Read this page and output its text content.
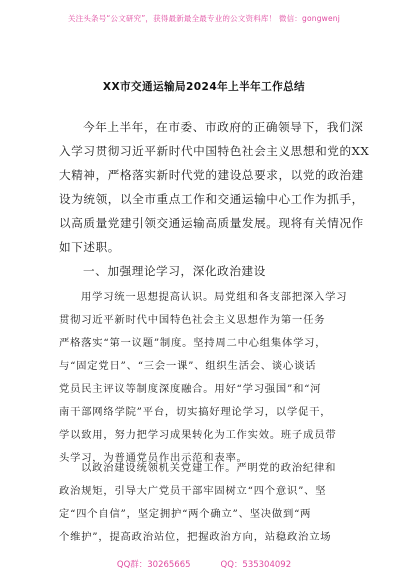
关注头条号“公文研究”，获得最新最全最专业的公文资料库！ 微信：gongwenj
XX市交通运输局2024年上半年工作总结
今年上半年，在市委、市政府的正确领导下，我们深
入学习贯彻习近平新时代中国特色社会主义思想和党的XX
大精神，严格落实新时代党的建设总要求，以党的政治建
设为统领，以全市重点工作和交通运输中心工作为抓手，
以高质量党建引领交通运输高质量发展。现将有关情况作
如下述职。
一、加强理论学习，深化政治建设
用学习统一思想提高认识。局党组和各支部把深入学习
贯彻习近平新时代中国特色社会主义思想作为第一任务
严格落实“第一议题”制度。坚持周二中心组集体学习，
与“固定党日”、“三会一课”、组织生活会、谈心谈话
党员民主评议等制度深度融合。用好“学习强国”和“河
南干部网络学院”平台，切实搞好理论学习，以学促干，
学以致用，努力把学习成果转化为工作实效。班子成员带
头学习，为普通党员作出示范和表率。
以政治建设统领机关党建工作。严明党的政治纪律和
政治规矩，引导大广党员干部牢固树立“四个意识”、坚
定“四个自信”，坚定拥护“两个确立”、坚决做到“两
个维护”，提高政治站位，把握政治方向，站稳政治立场
QQ群：30265665	QQ：535304092
